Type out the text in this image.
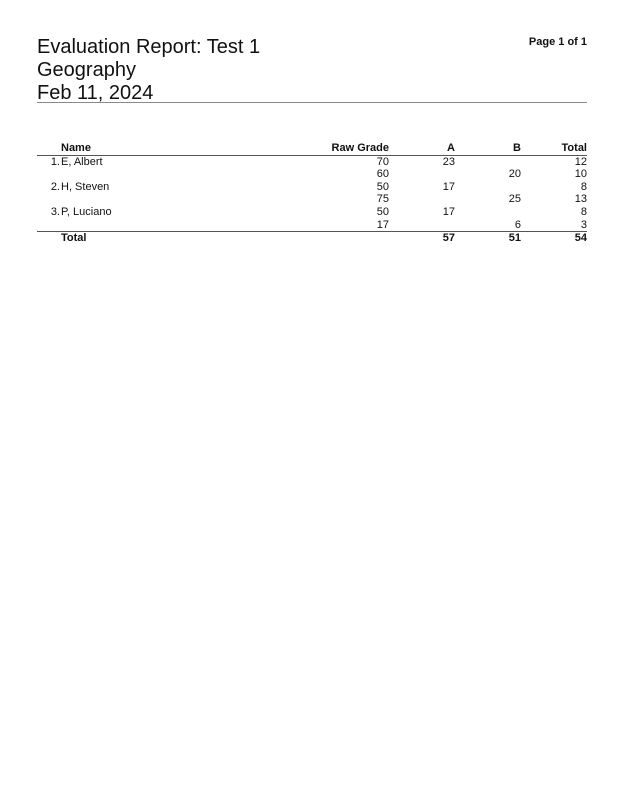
Evaluation Report: Test 1
Geography
Feb 11, 2024
Page 1 of 1
	Name	Raw Grade	A	B	Total
1.	E, Albert	70	23		12
		60		20	10
2.	H, Steven	50	17		8
		75		25	13
3.	P, Luciano	50	17		8
		17		6	3
	Total		57	51	54
